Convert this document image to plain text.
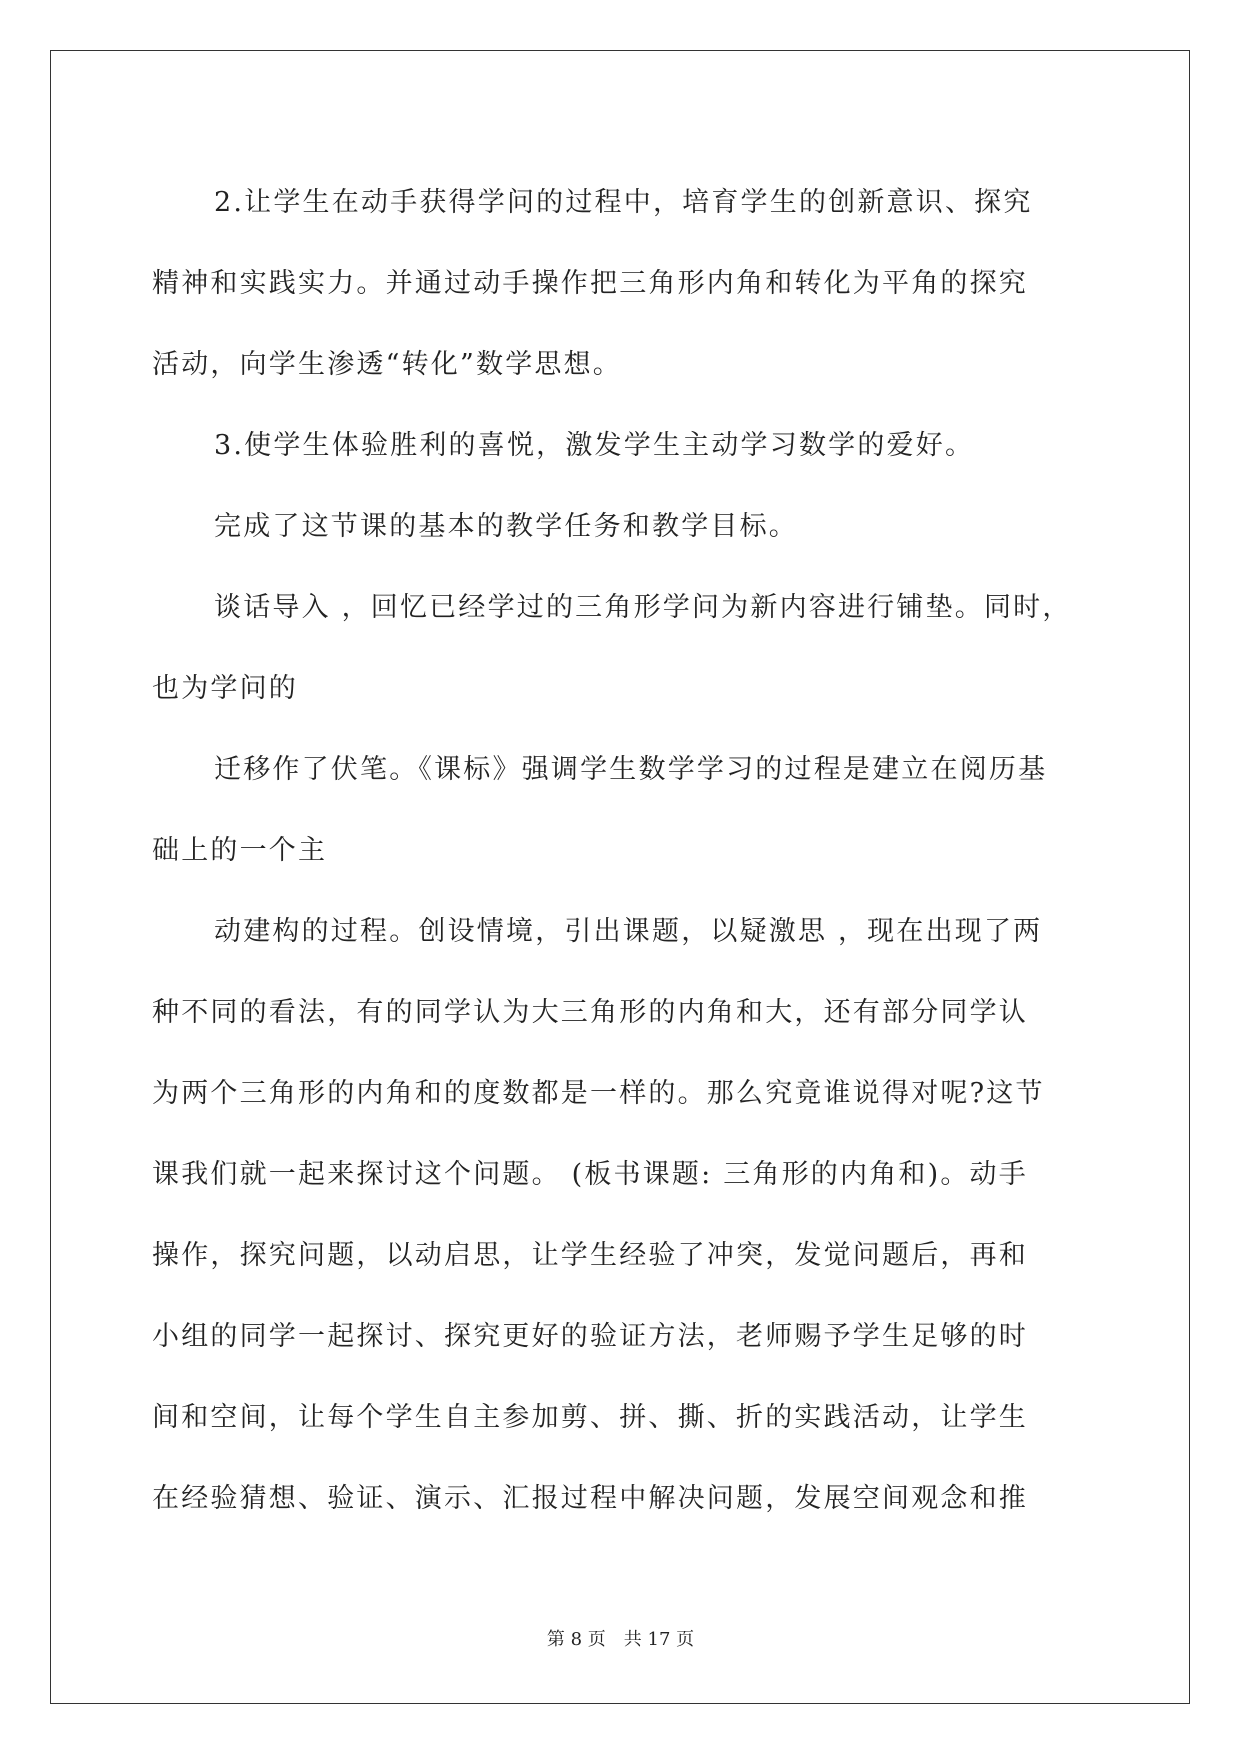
2.让学生在动手获得学问的过程中，培育学生的创新意识、探究
精神和实践实力。并通过动手操作把三角形内角和转化为平角的探究
活动，向学生渗透“转化”数学思想。
3.使学生体验胜利的喜悦，激发学生主动学习数学的爱好。
完成了这节课的基本的教学任务和教学目标。
谈话导入 ，回忆已经学过的三角形学问为新内容进行铺垫。同时，
也为学问的
迁移作了伏笔。《课标》强调学生数学学习的过程是建立在阅历基
础上的一个主
动建构的过程。创设情境，引出课题，以疑激思 ，现在出现了两
种不同的看法，有的同学认为大三角形的内角和大，还有部分同学认
为两个三角形的内角和的度数都是一样的。那么究竟谁说得对呢?这节
课我们就一起来探讨这个问题。 (板书课题: 三角形的内角和)。动手
操作，探究问题，以动启思，让学生经验了冲突，发觉问题后，再和
小组的同学一起探讨、探究更好的验证方法，老师赐予学生足够的时
间和空间，让每个学生自主参加剪、拼、撕、折的实践活动，让学生
在经验猜想、验证、演示、汇报过程中解决问题，发展空间观念和推
第 8 页 共 17 页
